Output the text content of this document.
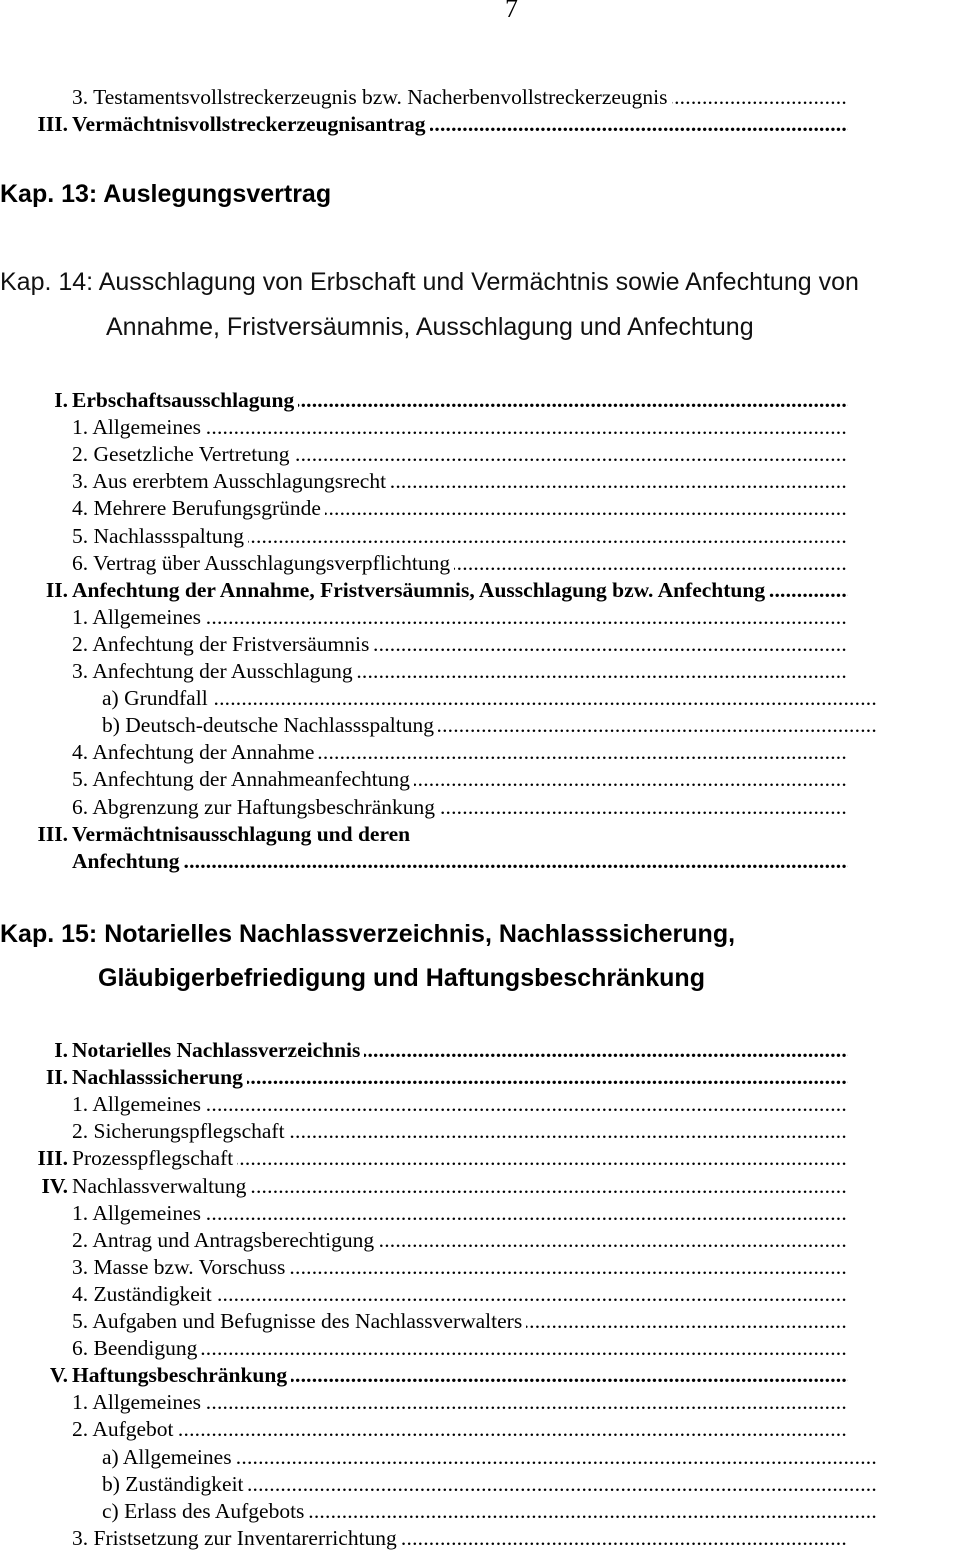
7
3. Testamentsvollstreckerzeugnis bzw. Nacherbenvollstreckerzeugnis .....
III. Vermächtnisvollstreckerzeugnisantrag .....
Kap. 13: Auslegungsvertrag
Kap. 14: Ausschlagung von Erbschaft und Vermächtnis sowie Anfechtung von
Annahme, Fristversäumnis, Ausschlagung und Anfechtung
I. Erbschaftsausschlagung .....
1. Allgemeines .....
2. Gesetzliche Vertretung .....
3. Aus ererbtem Ausschlagungsrecht .....
4. Mehrere Berufungsgründe .....
5. Nachlassspaltung .....
6. Vertrag über Ausschlagungsverpflichtung .....
II. Anfechtung der Annahme, Fristversäumnis, Ausschlagung bzw. Anfechtung .....
1. Allgemeines .....
2. Anfechtung der Fristversäumnis .....
3. Anfechtung der Ausschlagung .....
a) Grundfall .....
b) Deutsch-deutsche Nachlassspaltung .....
4. Anfechtung der Annahme .....
5. Anfechtung der Annahmeanfechtung .....
6. Abgrenzung zur Haftungsbeschränkung .....
III. Vermächtnisausschlagung und deren
Anfechtung .....
Kap. 15: Notarielles Nachlassverzeichnis, Nachlasssicherung,
Gläubigerbefriedigung und Haftungsbeschränkung
I. Notarielles Nachlassverzeichnis .....
II. Nachlasssicherung .....
1. Allgemeines .....
2. Sicherungspflegschaft .....
III. Prozesspflegschaft .....
IV. Nachlassverwaltung .....
1. Allgemeines .....
2. Antrag und Antragsberechtigung .....
3. Masse bzw. Vorschuss .....
4. Zuständigkeit .....
5. Aufgaben und Befugnisse des Nachlassverwalters .....
6. Beendigung .....
V. Haftungsbeschränkung .....
1. Allgemeines .....
2. Aufgebot .....
a) Allgemeines .....
b) Zuständigkeit .....
c) Erlass des Aufgebots .....
3. Fristsetzung zur Inventarerrichtung .....
